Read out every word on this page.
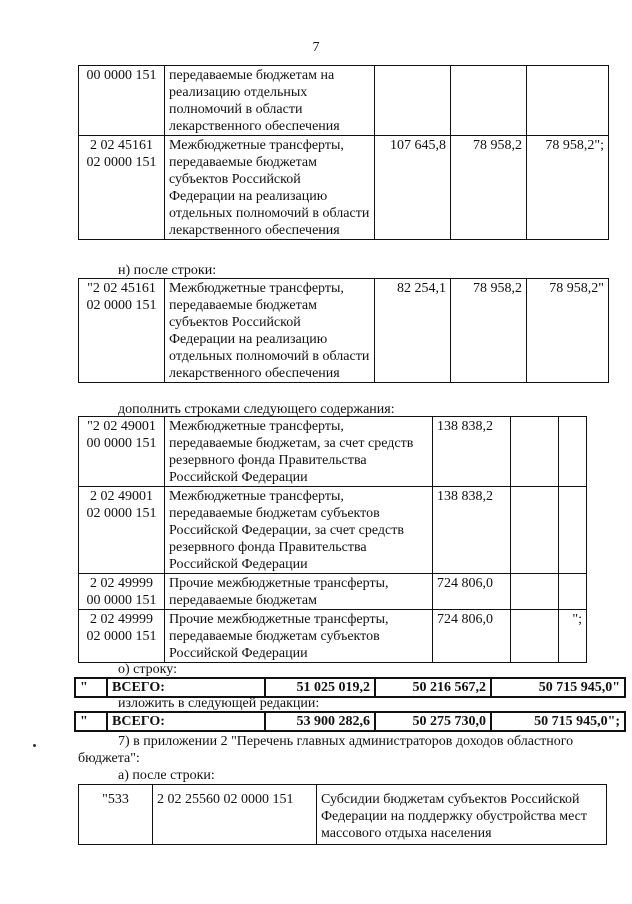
7
00 0000 151	передаваемые бюджетам на реализацию отдельных полномочий в области лекарственного обеспечения			
2 02 45161 02 0000 151	Межбюджетные трансферты, передаваемые бюджетам субъектов Российской Федерации на реализацию отдельных полномочий в области лекарственного обеспечения	107 645,8	78 958,2	78 958,2";
н) после строки:
"2 02 45161 02 0000 151	Межбюджетные трансферты, передаваемые бюджетам субъектов Российской Федерации на реализацию отдельных полномочий в области лекарственного обеспечения	82 254,1	78 958,2	78 958,2"
дополнить строками следующего содержания:
"2 02 49001 00 0000 151	Межбюджетные трансферты, передаваемые бюджетам, за счет средств резервного фонда Правительства Российской Федерации	138 838,2		
2 02 49001 02 0000 151	Межбюджетные трансферты, передаваемые бюджетам субъектов Российской Федерации, за счет средств резервного фонда Правительства Российской Федерации	138 838,2		
2 02 49999 00 0000 151	Прочие межбюджетные трансферты, передаваемые бюджетам	724 806,0		
2 02 49999 02 0000 151	Прочие межбюджетные трансферты, передаваемые бюджетам субъектов Российской Федерации	724 806,0		";
о) строку:
"	ВСЕГО:	51 025 019,2	50 216 567,2	50 715 945,0"
изложить в следующей редакции:
"	ВСЕГО:	53 900 282,6	50 275 730,0	50 715 945,0";
7) в приложении 2 "Перечень главных администраторов доходов областного бюджета":
а) после строки:
"533	2 02 25560 02 0000 151	Субсидии бюджетам субъектов Российской Федерации на поддержку обустройства мест массового отдыха населения
